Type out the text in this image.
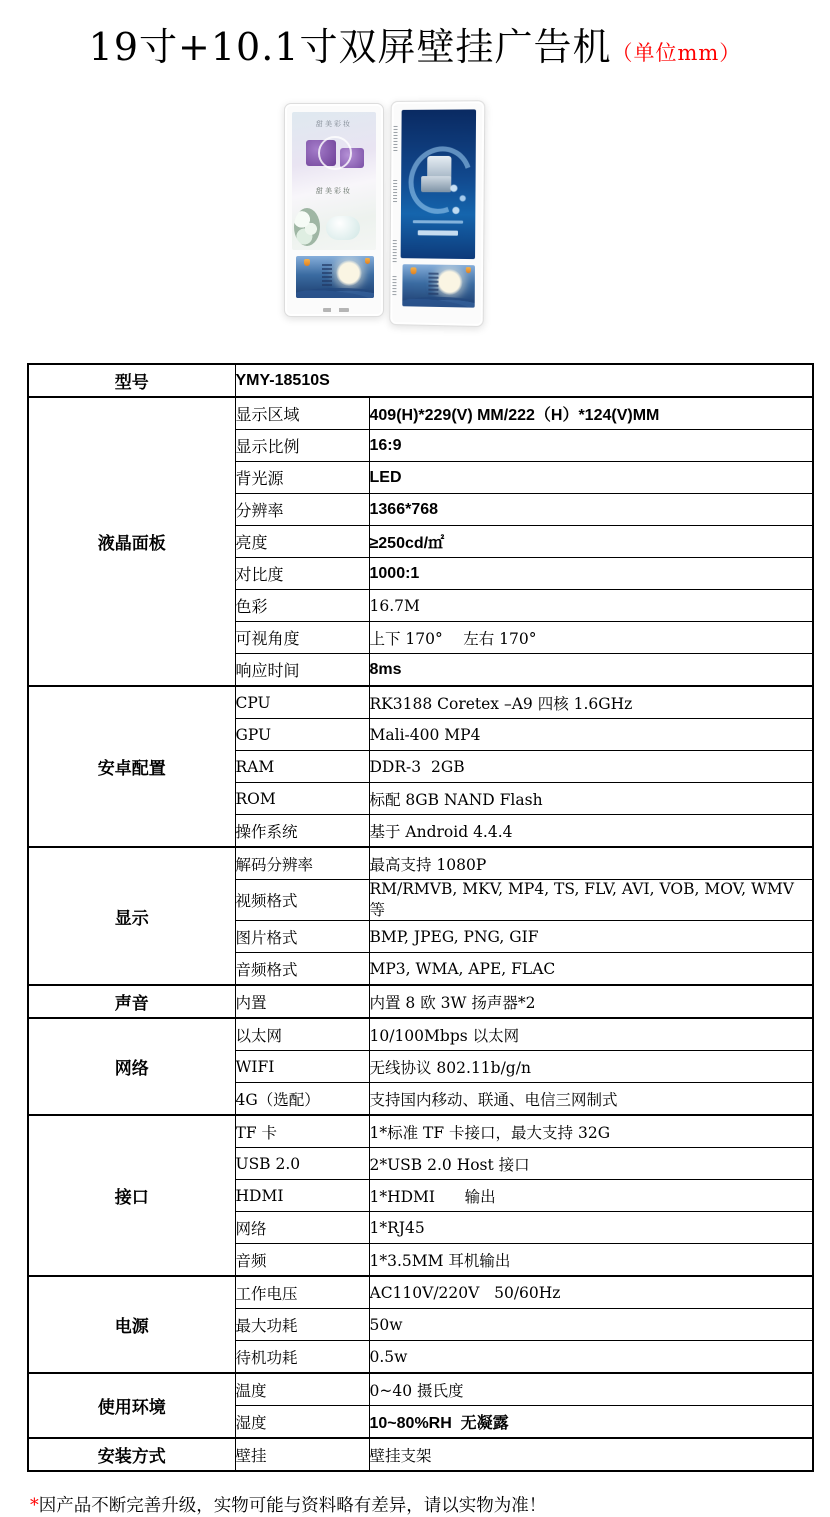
19寸+10.1寸双屏壁挂广告机（单位mm）
甜美彩妆
甜美彩妆
型号	YMY-18510S	
液晶面板	显示区域	409(H)*229(V) MM/222（H）*124(V)MM
	显示比例	16:9
	背光源	LED
	分辨率	1366*768
	亮度	≥250cd/㎡
	对比度	1000:1
	色彩	16.7M
	可视角度	上下 170°　 左右 170°
	响应时间	8ms
安卓配置	CPU	RK3188 Coretex –A9 四核 1.6GHz
	GPU	Mali-400 MP4
	RAM	DDR-3  2GB
	ROM	标配 8GB NAND Flash
	操作系统	基于 Android 4.4.4
显示	解码分辨率	最高支持 1080P
	视频格式	RM/RMVB, MKV, MP4, TS, FLV, AVI, VOB, MOV, WMV 等
	图片格式	BMP, JPEG, PNG, GIF
	音频格式	MP3, WMA, APE, FLAC
声音	内置	内置 8 欧 3W 扬声器*2
网络	以太网	10/100Mbps 以太网
	WIFI	无线协议 802.11b/g/n
	4G（选配）	支持国内移动、联通、电信三网制式
接口	TF 卡	1*标准 TF 卡接口，最大支持 32G
	USB 2.0	2*USB 2.0 Host 接口
	HDMI	1*HDMI      输出
	网络	1*RJ45
	音频	1*3.5MM 耳机输出
电源	工作电压	AC110V/220V   50/60Hz
	最大功耗	50w
	待机功耗	0.5w
使用环境	温度	0~40 摄氏度
	湿度	10~80%RH  无凝露
安装方式	壁挂	壁挂支架
*因产品不断完善升级，实物可能与资料略有差异，请以实物为准！
